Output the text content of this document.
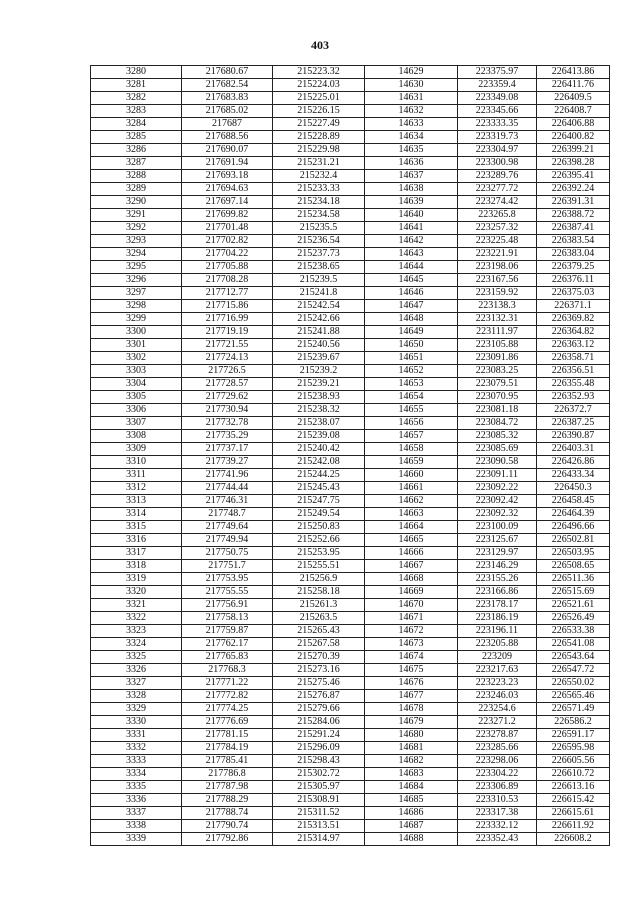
403
3280	217680.67	215223.32	14629	223375.97	226413.86
3281	217682.54	215224.03	14630	223359.4	226411.76
3282	217683.83	215225.01	14631	223349.08	226409.5
3283	217685.02	215226.15	14632	223345.66	226408.7
3284	217687	215227.49	14633	223333.35	226406.88
3285	217688.56	215228.89	14634	223319.73	226400.82
3286	217690.07	215229.98	14635	223304.97	226399.21
3287	217691.94	215231.21	14636	223300.98	226398.28
3288	217693.18	215232.4	14637	223289.76	226395.41
3289	217694.63	215233.33	14638	223277.72	226392.24
3290	217697.14	215234.18	14639	223274.42	226391.31
3291	217699.82	215234.58	14640	223265.8	226388.72
3292	217701.48	215235.5	14641	223257.32	226387.41
3293	217702.82	215236.54	14642	223225.48	226383.54
3294	217704.22	215237.73	14643	223221.91	226383.04
3295	217705.88	215238.65	14644	223198.06	226379.25
3296	217708.28	215239.5	14645	223167.56	226376.11
3297	217712.77	215241.8	14646	223159.92	226375.03
3298	217715.86	215242.54	14647	223138.3	226371.1
3299	217716.99	215242.66	14648	223132.31	226369.82
3300	217719.19	215241.88	14649	223111.97	226364.82
3301	217721.55	215240.56	14650	223105.88	226363.12
3302	217724.13	215239.67	14651	223091.86	226358.71
3303	217726.5	215239.2	14652	223083.25	226356.51
3304	217728.57	215239.21	14653	223079.51	226355.48
3305	217729.62	215238.93	14654	223070.95	226352.93
3306	217730.94	215238.32	14655	223081.18	226372.7
3307	217732.78	215238.07	14656	223084.72	226387.25
3308	217735.29	215239.08	14657	223085.32	226390.87
3309	217737.17	215240.42	14658	223085.69	226403.31
3310	217739.27	215242.08	14659	223090.58	226426.86
3311	217741.96	215244.25	14660	223091.11	226433.34
3312	217744.44	215245.43	14661	223092.22	226450.3
3313	217746.31	215247.75	14662	223092.42	226458.45
3314	217748.7	215249.54	14663	223092.32	226464.39
3315	217749.64	215250.83	14664	223100.09	226496.66
3316	217749.94	215252.66	14665	223125.67	226502.81
3317	217750.75	215253.95	14666	223129.97	226503.95
3318	217751.7	215255.51	14667	223146.29	226508.65
3319	217753.95	215256.9	14668	223155.26	226511.36
3320	217755.55	215258.18	14669	223166.86	226515.69
3321	217756.91	215261.3	14670	223178.17	226521.61
3322	217758.13	215263.5	14671	223186.19	226526.49
3323	217759.87	215265.43	14672	223196.11	226533.38
3324	217762.17	215267.58	14673	223205.88	226541.08
3325	217765.83	215270.39	14674	223209	226543.64
3326	217768.3	215273.16	14675	223217.63	226547.72
3327	217771.22	215275.46	14676	223223.23	226550.02
3328	217772.82	215276.87	14677	223246.03	226565.46
3329	217774.25	215279.66	14678	223254.6	226571.49
3330	217776.69	215284.06	14679	223271.2	226586.2
3331	217781.15	215291.24	14680	223278.87	226591.17
3332	217784.19	215296.09	14681	223285.66	226595.98
3333	217785.41	215298.43	14682	223298.06	226605.56
3334	217786.8	215302.72	14683	223304.22	226610.72
3335	217787.98	215305.97	14684	223306.89	226613.16
3336	217788.29	215308.91	14685	223310.53	226615.42
3337	217788.74	215311.52	14686	223317.38	226615.61
3338	217790.74	215313.51	14687	223332.12	226611.92
3339	217792.86	215314.97	14688	223352.43	226608.2
